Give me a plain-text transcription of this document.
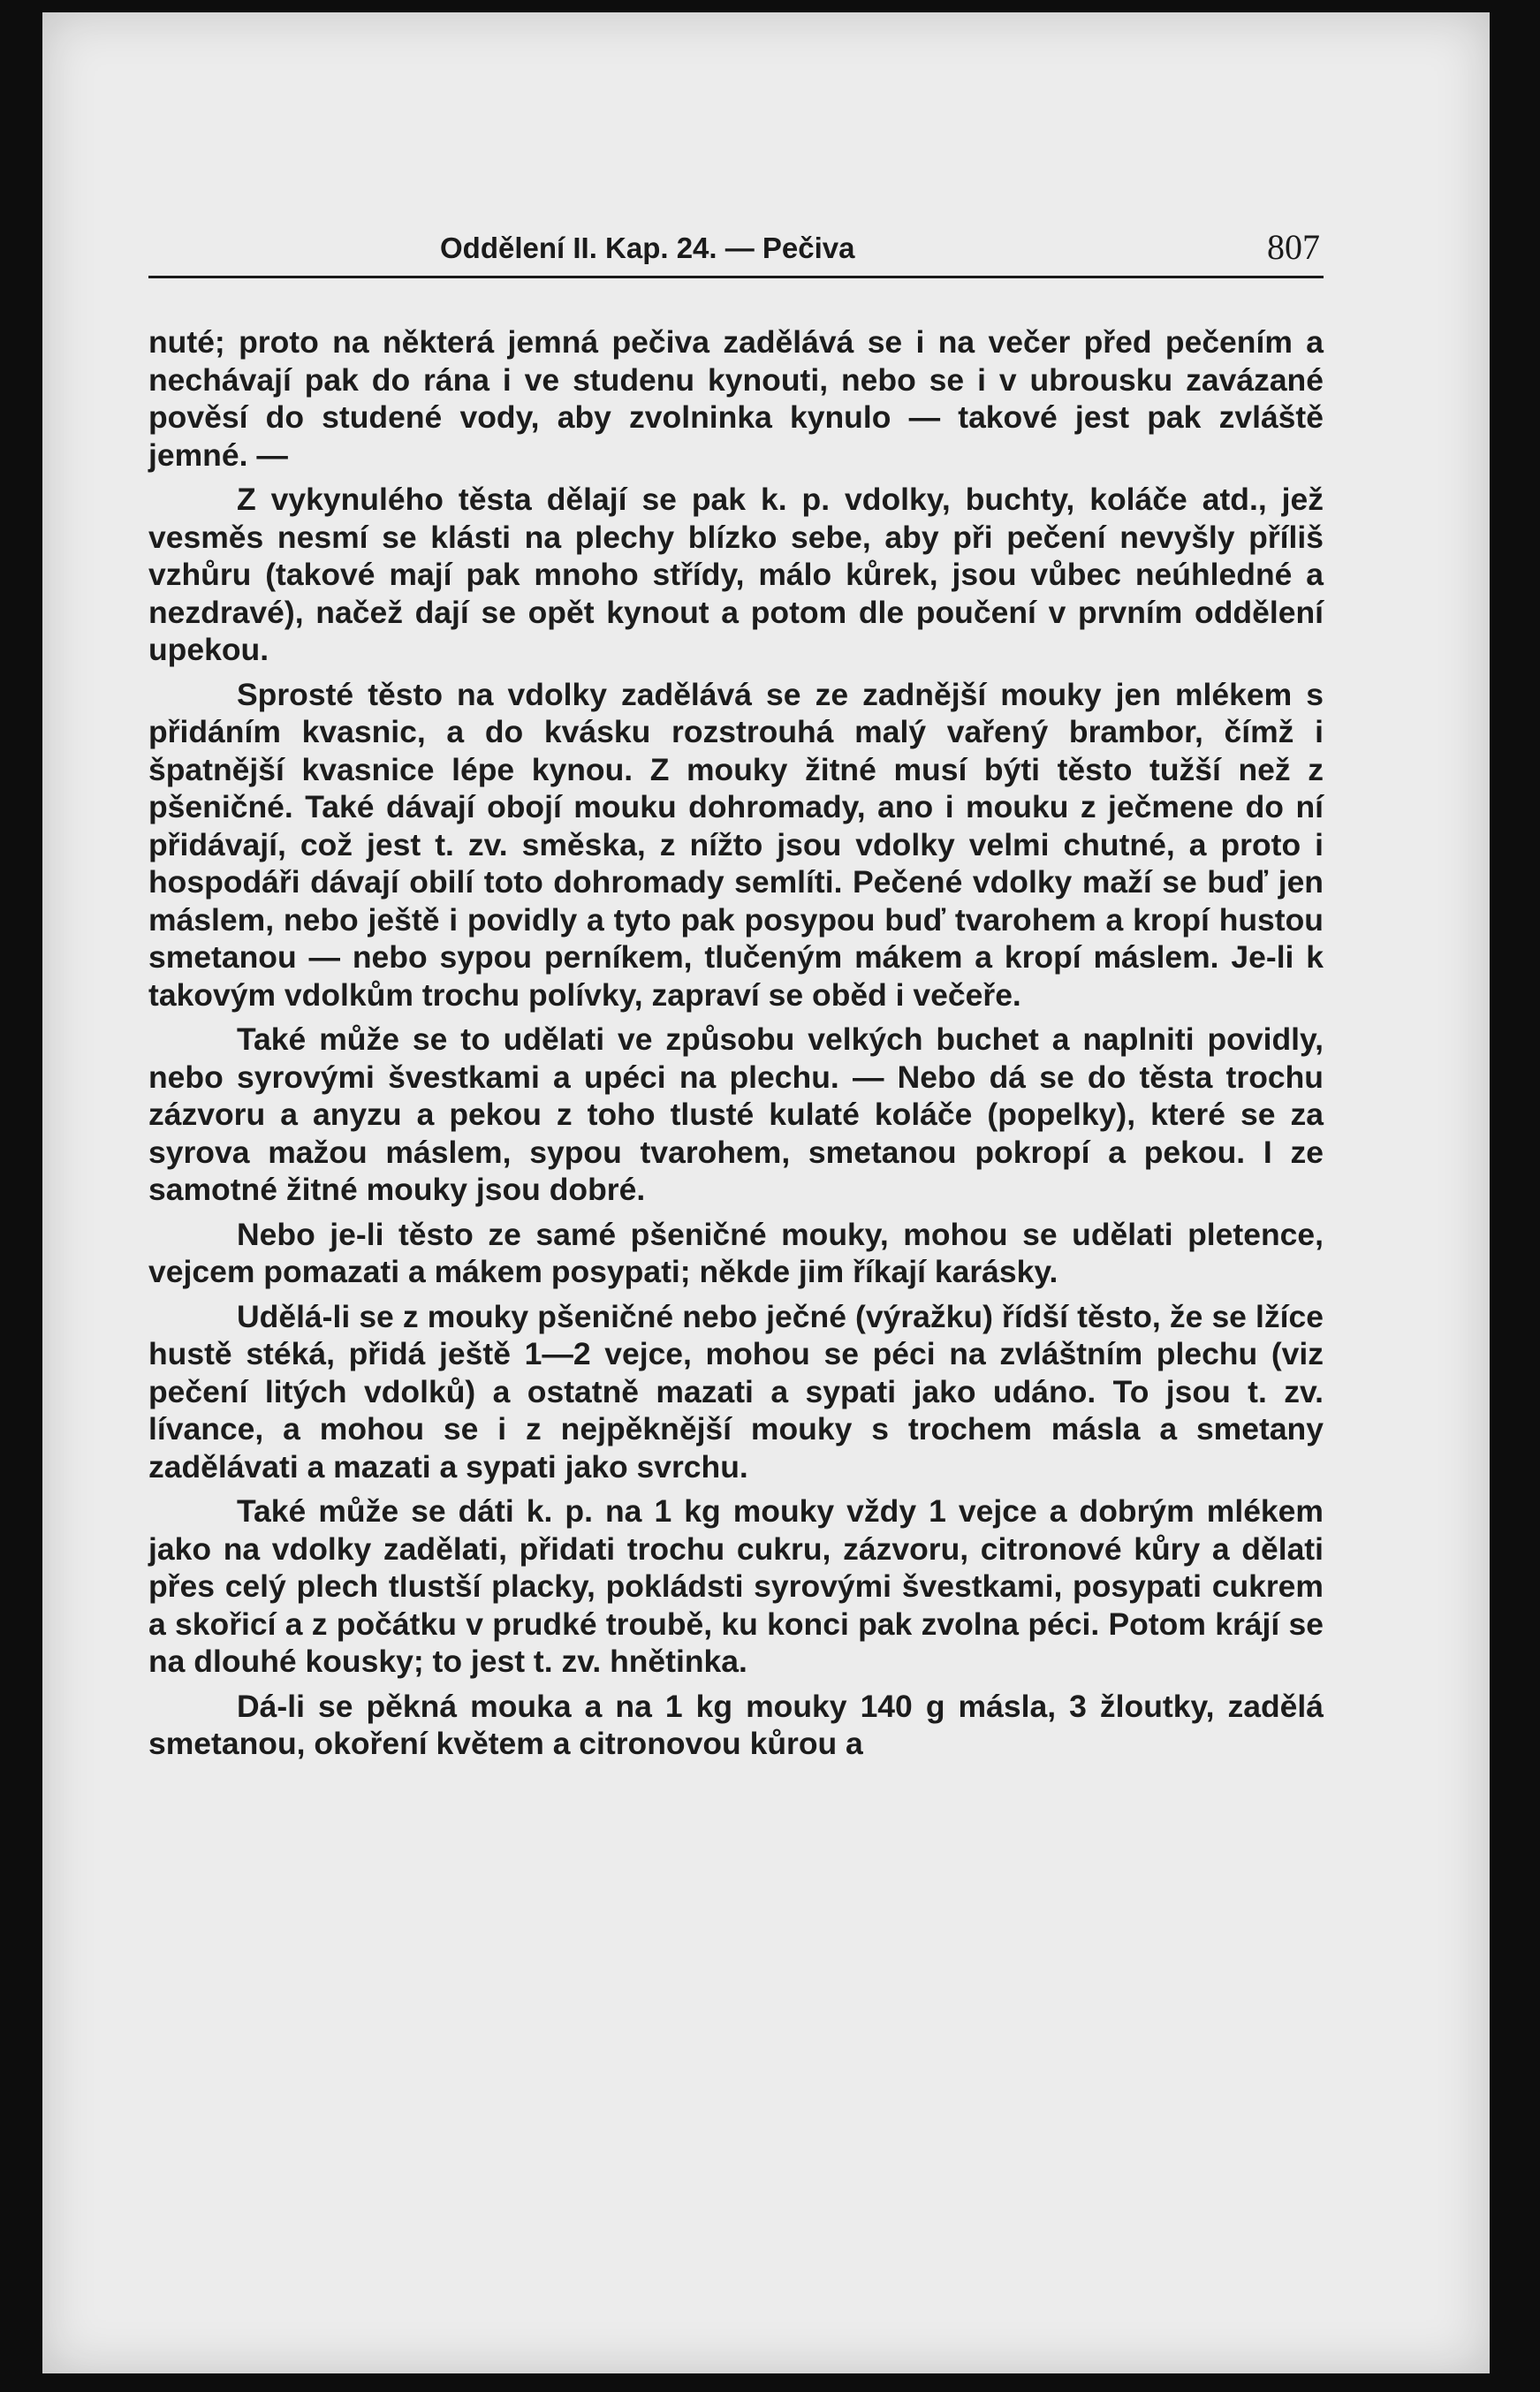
Oddělení II. Kap. 24. — Pečiva	807

nuté; proto na některá jemná pečiva zadělává se i na večer před pečením a nechávají pak do rána i ve studenu kynouti, nebo se i v ubrousku zavázané pověsí do studené vody, aby zvolninka kynulo — takové jest pak zvláště jemné. —

Z vykynulého těsta dělají se pak k. p. vdolky, buchty, koláče atd., jež vesměs nesmí se klásti na plechy blízko sebe, aby při pečení nevyšly příliš vzhůru (takové mají pak mnoho střídy, málo kůrek, jsou vůbec neúhledné a nezdravé), načež dají se opět kynout a potom dle poučení v prvním oddělení upekou.

Sprosté těsto na vdolky zadělává se ze zadnější mouky jen mlékem s přidáním kvasnic, a do kvásku rozstrouhá malý vařený brambor, čímž i špatnější kvasnice lépe kynou. Z mouky žitné musí býti těsto tužší než z pšeničné. Také dávají obojí mouku dohromady, ano i mouku z ječmene do ní přidávají, což jest t. zv. směska, z nížto jsou vdolky velmi chutné, a proto i hospodáři dávají obilí toto dohromady semlíti. Pečené vdolky maží se buď jen máslem, nebo ještě i povidly a tyto pak posypou buď tvarohem a kropí hustou smetanou — nebo sypou perníkem, tlučeným mákem a kropí máslem. Je-li k takovým vdolkům trochu polívky, zapraví se oběd i večeře.

Také může se to udělati ve způsobu velkých buchet a naplniti povidly, nebo syrovými švestkami a upéci na plechu. — Nebo dá se do těsta trochu zázvoru a anyzu a pekou z toho tlusté kulaté koláče (popelky), které se za syrova mažou máslem, sypou tvarohem, smetanou pokropí a pekou. I ze samotné žitné mouky jsou dobré.

Nebo je-li těsto ze samé pšeničné mouky, mohou se udělati pletence, vejcem pomazati a mákem posypati; někde jim říkají karásky.

Udělá-li se z mouky pšeničné nebo ječné (výražku) řídší těsto, že se lžíce hustě stéká, přidá ještě 1—2 vejce, mohou se péci na zvláštním plechu (viz pečení litých vdolků) a ostatně mazati a sypati jako udáno. To jsou t. zv. lívance, a mohou se i z nejpěknější mouky s trochem másla a smetany zadělávati a mazati a sypati jako svrchu.

Také může se dáti k. p. na 1 kg mouky vždy 1 vejce a dobrým mlékem jako na vdolky zadělati, přidati trochu cukru, zázvoru, citronové kůry a dělati přes celý plech tlustší placky, pokládsti syrovými švestkami, posypati cukrem a skořicí a z počátku v prudké troubě, ku konci pak zvolna péci. Potom krájí se na dlouhé kousky; to jest t. zv. hnětinka.

Dá-li se pěkná mouka a na 1 kg mouky 140 g másla, 3 žloutky, zadělá smetanou, okoření květem a citronovou kůrou a
